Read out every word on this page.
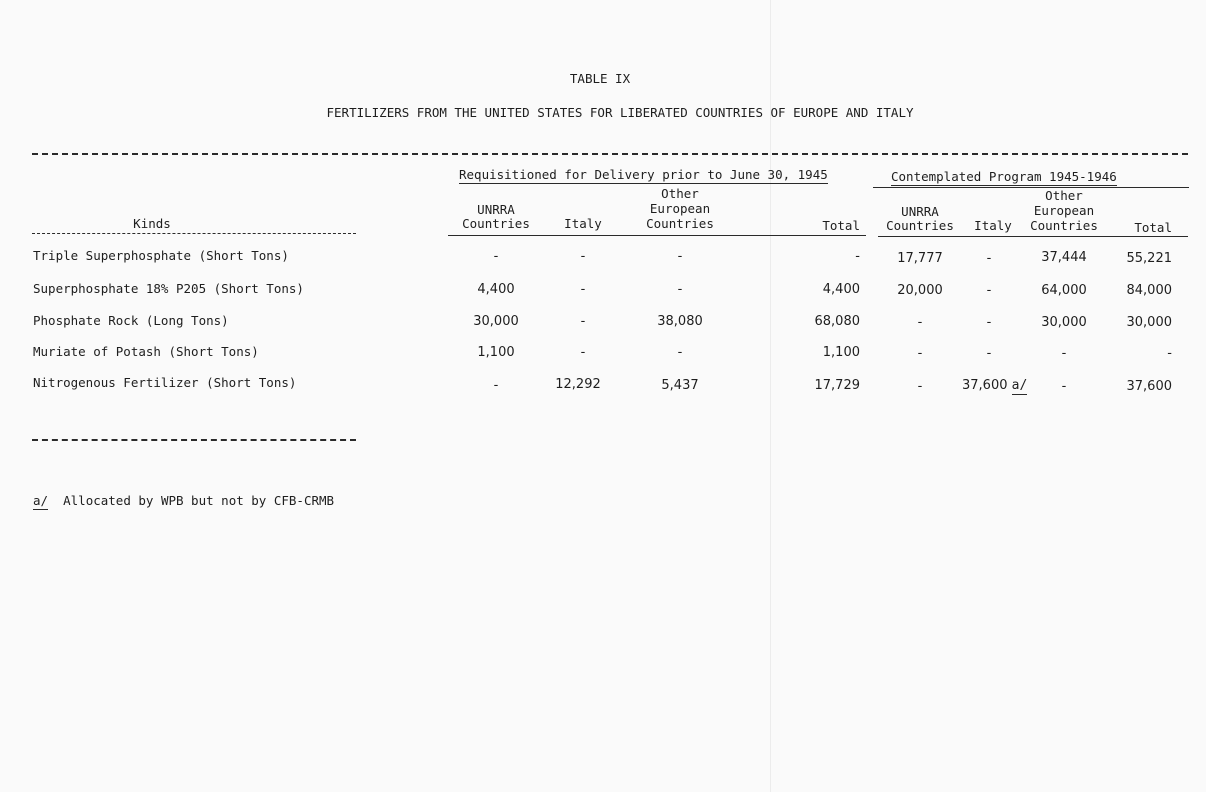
TABLE IX
FERTILIZERS FROM THE UNITED STATES FOR LIBERATED COUNTRIES OF EUROPE AND ITALY
Requisitioned for Delivery prior to June 30, 1945	Contemplated Program 1945-1946
UNRRA
Countries	Italy
Other
European
Countries	Total
UNRRA
Countries	Italy
Other
European
Countries	Total
Kinds
Triple Superphosphate (Short Tons)	-	-	-	-	17,777	-	37,444	55,221
Superphosphate 18% P205 (Short Tons)	4,400	-	-	4,400	20,000	-	64,000	84,000
Phosphate Rock (Long Tons)	30,000	-	38,080	68,080	-	-	30,000	30,000
Muriate of Potash (Short Tons)	1,100	-	-	1,100	-	-	-	-
Nitrogenous Fertilizer (Short Tons)	-	12,292	5,437	17,729	-	37,600 a/	-	37,600
a/ Allocated by WPB but not by CFB-CRMB
